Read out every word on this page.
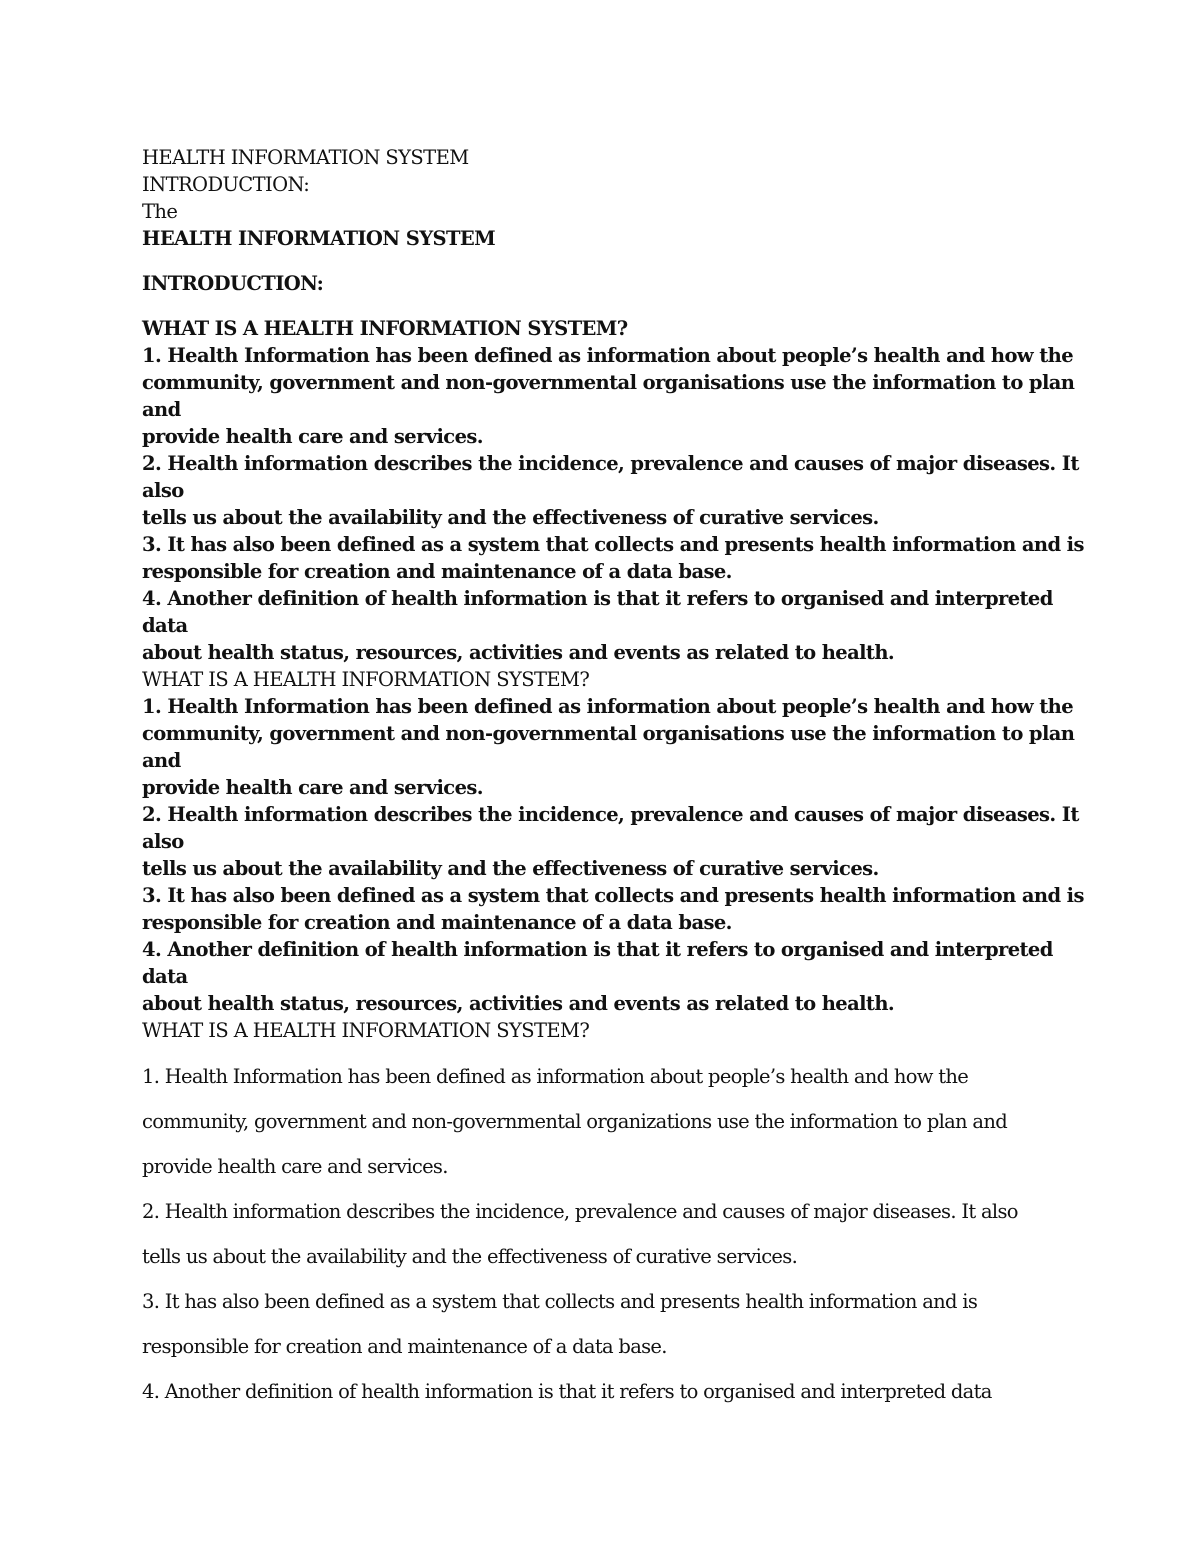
HEALTH INFORMATION SYSTEM
INTRODUCTION:
The
HEALTH INFORMATION SYSTEM
INTRODUCTION:
WHAT IS A HEALTH INFORMATION SYSTEM?
1. Health Information has been defined as information about people’s health and how the
community, government and non-governmental organisations use the information to plan
and
provide health care and services.
2. Health information describes the incidence, prevalence and causes of major diseases. It
also
tells us about the availability and the effectiveness of curative services.
3. It has also been defined as a system that collects and presents health information and is
responsible for creation and maintenance of a data base.
4. Another definition of health information is that it refers to organised and interpreted
data
about health status, resources, activities and events as related to health.
WHAT IS A HEALTH INFORMATION SYSTEM?
1. Health Information has been defined as information about people’s health and how the
community, government and non-governmental organisations use the information to plan
and
provide health care and services.
2. Health information describes the incidence, prevalence and causes of major diseases. It
also
tells us about the availability and the effectiveness of curative services.
3. It has also been defined as a system that collects and presents health information and is
responsible for creation and maintenance of a data base.
4. Another definition of health information is that it refers to organised and interpreted
data
about health status, resources, activities and events as related to health.
WHAT IS A HEALTH INFORMATION SYSTEM?
1. Health Information has been defined as information about people’s health and how the
community, government and non-governmental organizations use the information to plan and
provide health care and services.
2. Health information describes the incidence, prevalence and causes of major diseases. It also
tells us about the availability and the effectiveness of curative services.
3. It has also been defined as a system that collects and presents health information and is
responsible for creation and maintenance of a data base.
4. Another definition of health information is that it refers to organised and interpreted data
